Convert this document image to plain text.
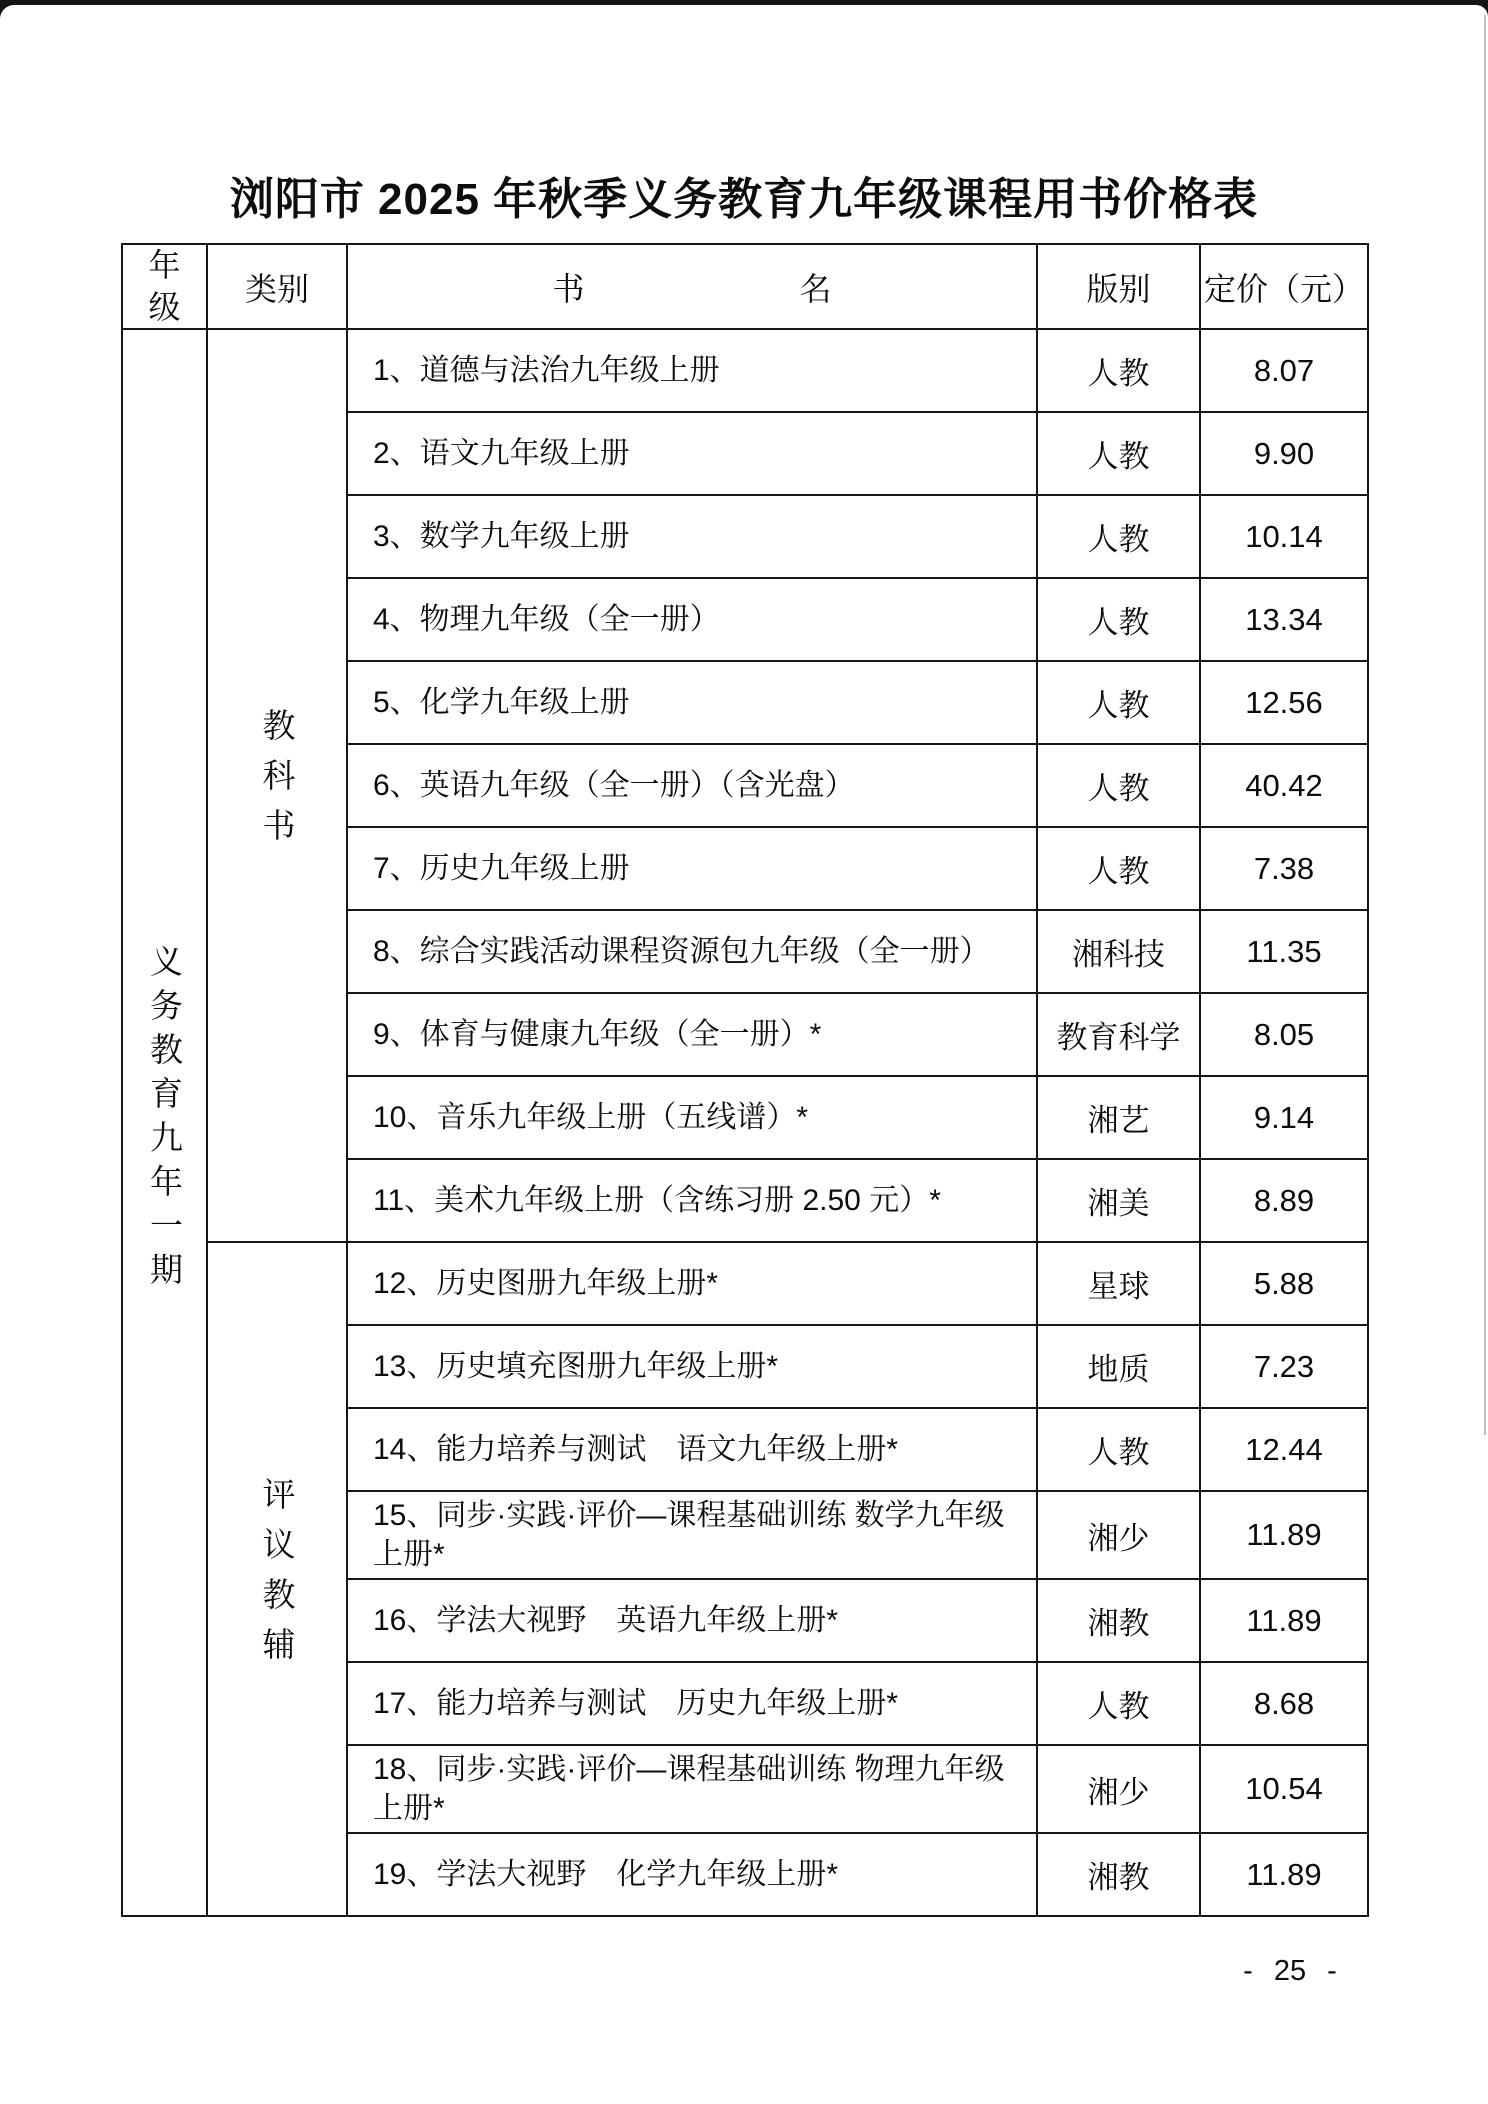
浏阳市 2025 年秋季义务教育九年级课程用书价格表
年级	类别	书 名	版别	定价（元）
义务教育九年一期	教科书	1、道德与法治九年级上册	人教	8.07
		2、语文九年级上册	人教	9.90
		3、数学九年级上册	人教	10.14
		4、物理九年级（全一册）	人教	13.34
		5、化学九年级上册	人教	12.56
		6、英语九年级（全一册）（含光盘）	人教	40.42
		7、历史九年级上册	人教	7.38
		8、综合实践活动课程资源包九年级（全一册）	湘科技	11.35
		9、体育与健康九年级（全一册）*	教育科学	8.05
		10、音乐九年级上册（五线谱）*	湘艺	9.14
		11、美术九年级上册（含练习册 2.50 元）*	湘美	8.89
	评议教辅	12、历史图册九年级上册*	星球	5.88
		13、历史填充图册九年级上册*	地质	7.23
		14、能力培养与测试　语文九年级上册*	人教	12.44
		15、同步·实践·评价—课程基础训练 数学九年级上册*	湘少	11.89
		16、学法大视野　英语九年级上册*	湘教	11.89
		17、能力培养与测试　历史九年级上册*	人教	8.68
		18、同步·实践·评价—课程基础训练 物理九年级上册*	湘少	10.54
		19、学法大视野　化学九年级上册*	湘教	11.89
- 25 -
